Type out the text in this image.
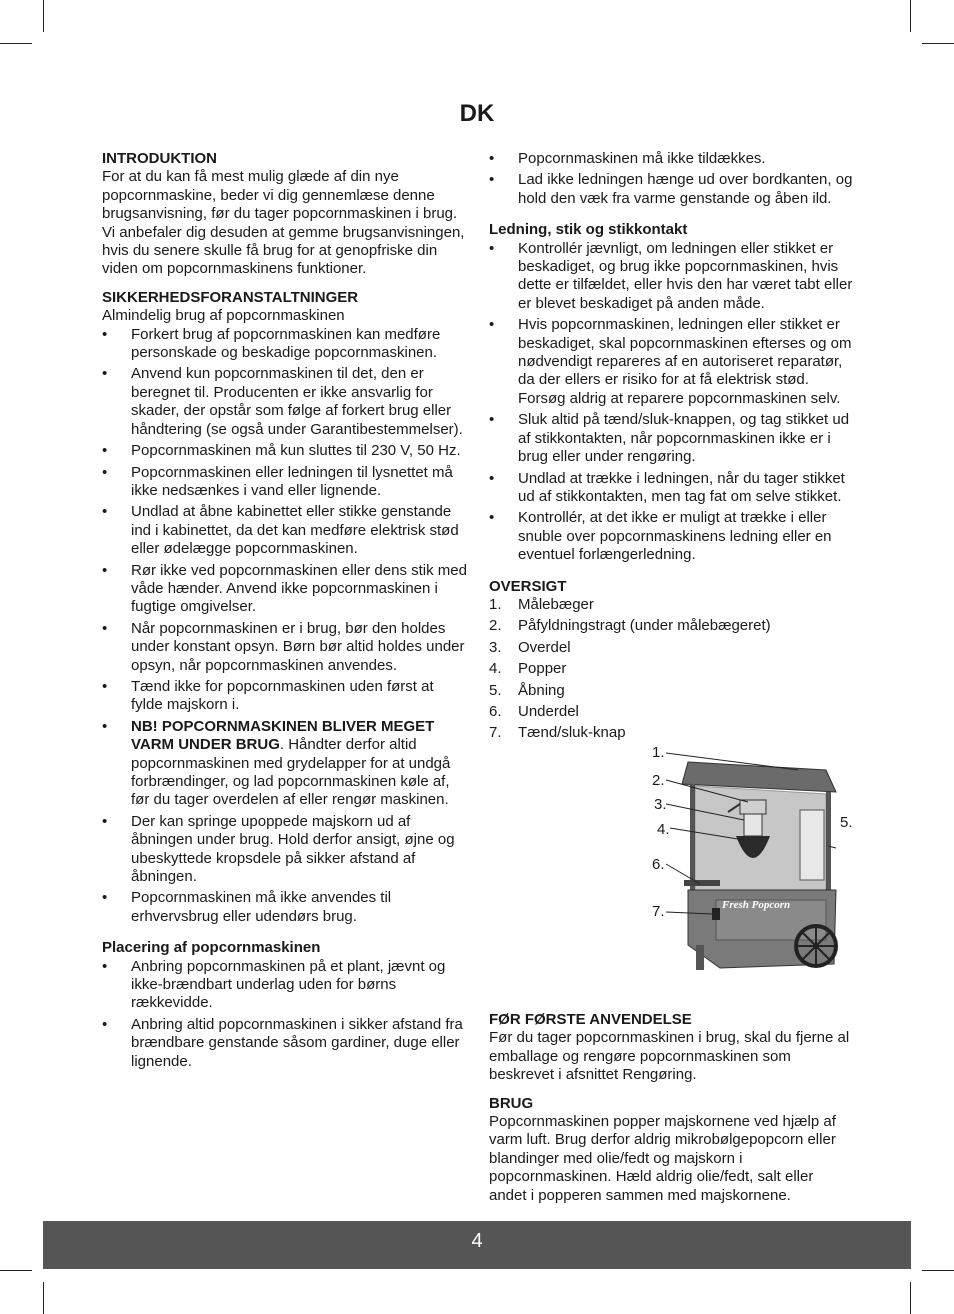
DK
INTRODUKTION

For at du kan få mest mulig glæde af din nye popcornmaskine, beder vi dig gennemlæse denne brugsanvisning, før du tager popcornmaskinen i brug. Vi anbefaler dig desuden at gemme brugsanvisningen, hvis du senere skulle få brug for at genopfriske din viden om popcornmaskinens funktioner.

SIKKERHEDSFORANSTALTNINGER

Almindelig brug af popcornmaskinen

• Forkert brug af popcornmaskinen kan medføre personskade og beskadige popcornmaskinen.
• Anvend kun popcornmaskinen til det, den er beregnet til. Producenten er ikke ansvarlig for skader, der opstår som følge af forkert brug eller håndtering (se også under Garantibestemmelser).
• Popcornmaskinen må kun sluttes til 230 V, 50 Hz.
• Popcornmaskinen eller ledningen til lysnettet må ikke nedsænkes i vand eller lignende.
• Undlad at åbne kabinettet eller stikke genstande ind i kabinettet, da det kan medføre elektrisk stød eller ødelægge popcornmaskinen.
• Rør ikke ved popcornmaskinen eller dens stik med våde hænder. Anvend ikke popcornmaskinen i fugtige omgivelser.
• Når popcornmaskinen er i brug, bør den holdes under konstant opsyn. Børn bør altid holdes under opsyn, når popcornmaskinen anvendes.
• Tænd ikke for popcornmaskinen uden først at fylde majskorn i.
• NB! POPCORNMASKINEN BLIVER MEGET VARM UNDER BRUG. Håndter derfor altid popcornmaskinen med grydelapper for at undgå forbrændinger, og lad popcornmaskinen køle af, før du tager overdelen af eller rengør maskinen.
• Der kan springe upoppede majskorn ud af åbningen under brug. Hold derfor ansigt, øjne og ubeskyttede kropsdele på sikker afstand af åbningen.
• Popcornmaskinen må ikke anvendes til erhvervsbrug eller udendørs brug.
Placering af popcornmaskinen
• Anbring popcornmaskinen på et plant, jævnt og ikke-brændbart underlag uden for børns rækkevidde.
• Anbring altid popcornmaskinen i sikker afstand fra brændbare genstande såsom gardiner, duge eller lignende.
• Popcornmaskinen må ikke tildækkes.
• Lad ikke ledningen hænge ud over bordkanten, og hold den væk fra varme genstande og åben ild.
Ledning, stik og stikkontakt
• Kontrollér jævnligt, om ledningen eller stikket er beskadiget, og brug ikke popcornmaskinen, hvis dette er tilfældet, eller hvis den har været tabt eller er blevet beskadiget på anden måde.
• Hvis popcornmaskinen, ledningen eller stikket er beskadiget, skal popcornmaskinen efterses og om nødvendigt repareres af en autoriseret reparatør, da der ellers er risiko for at få elektrisk stød. Forsøg aldrig at reparere popcornmaskinen selv.
• Sluk altid på tænd/sluk-knappen, og tag stikket ud af stikkontakten, når popcornmaskinen ikke er i brug eller under rengøring.
• Undlad at trække i ledningen, når du tager stikket ud af stikkontakten, men tag fat om selve stikket.
• Kontrollér, at det ikke er muligt at trække i eller snuble over popcornmaskinens ledning eller en eventuel forlængerledning.
OVERSIGT
1. Målebæger
2. Påfyldningstragt (under målebægeret)
3. Overdel
4. Popper
5. Åbning
6. Underdel
7. Tænd/sluk-knap
Fresh Popcorn
1.
2.
3.
4.	5.
6.
7.
FØR FØRSTE ANVENDELSE

Før du tager popcornmaskinen i brug, skal du fjerne al emballage og rengøre popcornmaskinen som beskrevet i afsnittet Rengøring.

BRUG

Popcornmaskinen popper majskornene ved hjælp af varm luft. Brug derfor aldrig mikrobølgepopcorn eller blandinger med olie/fedt og majskorn i popcornmaskinen. Hæld aldrig olie/fedt, salt eller andet i popperen sammen med majskornene.

4
